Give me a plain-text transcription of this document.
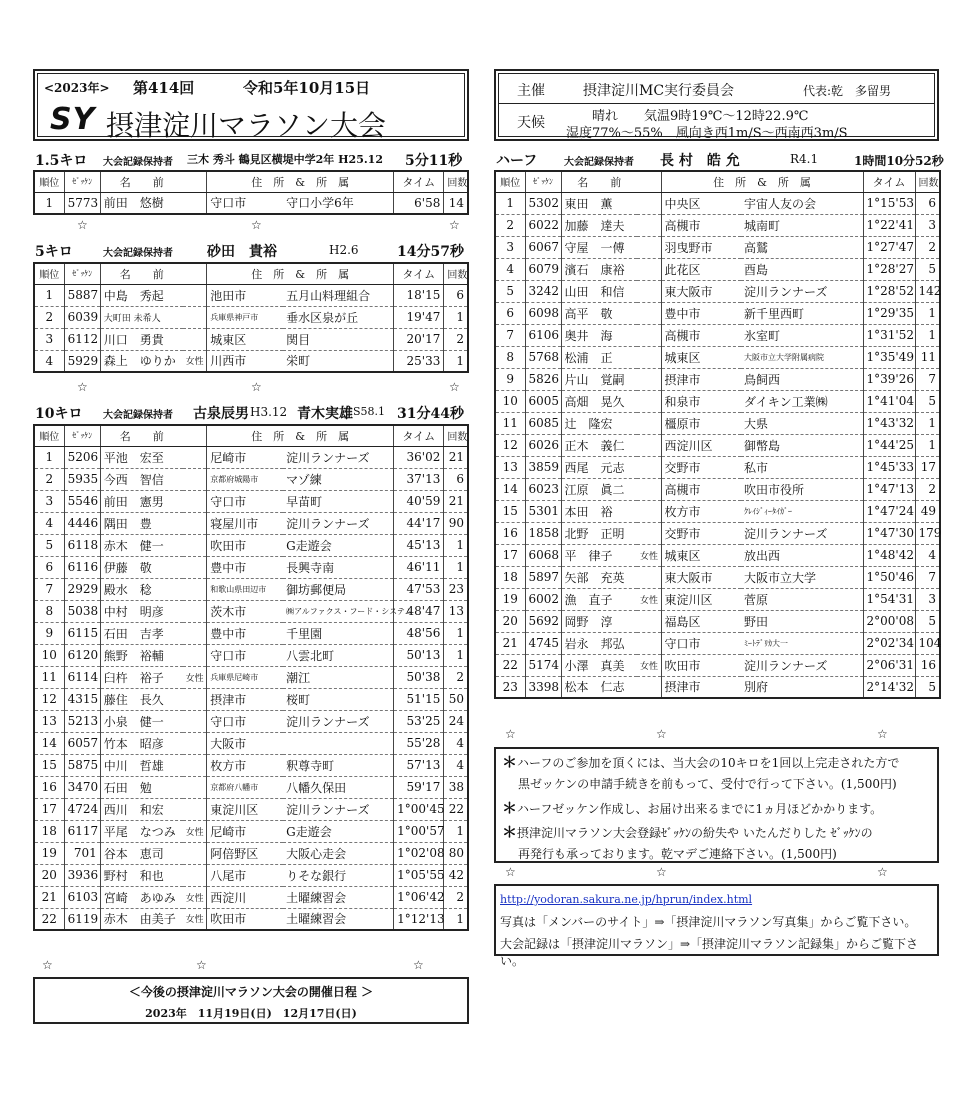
<2023年> 第414回	令和5年10月15日
SY 摂津淀川マラソン大会
主催	摂津淀川MC実行委員会	代表:乾　多留男
天候	晴れ　　気温9時19℃～12時22.9℃
湿度77%～55%　風向き西1m/S～西南西3m/S
1.5キロ 大会記録保持者 三木 秀斗 鶴見区横堤中学2年 H25.12 5分11秒
順位	ｾﾞｯｹﾝ	名　　前		住　所　&　所　属		タイム	回数
1	5773	前田　悠樹		守口市	守口小学6年	6'58	14
☆	☆	☆
5キロ	大会記録保持者 砂田　貴裕	H2.6	14分57秒
順位	ｾﾞｯｹﾝ	名　　前		住　所　&　所　属		タイム	回数
1	5887	中島　秀起		池田市	五月山料理組合	18'15	6
2	6039	大町田 未希人		兵庫県神戸市	垂水区泉が丘	19'47	1
3	6112	川口　勇貴		城東区	関目	20'17	2
4	5929	森上　ゆりか	女性	川西市	栄町	25'33	1
☆	☆	☆
10キロ 大会記録保持者 古泉辰男 H3.12 青木実雄 S58.1 31分44秒
順位	ｾﾞｯｹﾝ	名　　前		住　所　&　所　属		タイム	回数
1	5206	平池　宏至		尼崎市	淀川ランナーズ	36'02	21
2	5935	今西　智信		京都府城陽市	マゾ練	37'13	6
3	5546	前田　憲男		守口市	早苗町	40'59	21
4	4446	隅田　豊		寝屋川市	淀川ランナーズ	44'17	90
5	6118	赤木　健一		吹田市	G走遊会	45'13	1
6	6116	伊藤　敬		豊中市	長興寺南	46'11	1
7	2929	殿水　稔		和歌山県田辺市	御坊郵便局	47'53	23
8	5038	中村　明彦		茨木市	㈱アルファクス・フード・システム	48'47	13
9	6115	石田　吉孝		豊中市	千里園	48'56	1
10	6120	熊野　裕輔		守口市	八雲北町	50'13	1
11	6114	臼杵　裕子	女性	兵庫県尼崎市	潮江	50'38	2
12	4315	藤住　長久		摂津市	桜町	51'15	50
13	5213	小泉　健一		守口市	淀川ランナーズ	53'25	24
14	6057	竹本　昭彦		大阪市		55'28	4
15	5875	中川　哲雄		枚方市	釈尊寺町	57'13	4
16	3470	石田　勉		京都府八幡市	八幡久保田	59'17	38
17	4724	西川　和宏		東淀川区	淀川ランナーズ	1°00'45	22
18	6117	平尾　なつみ	女性	尼崎市	G走遊会	1°00'57	1
19	701	谷本　恵司		阿倍野区	大阪心走会	1°02'08	80
20	3936	野村　和也		八尾市	りそな銀行	1°05'55	42
21	6103	宮崎　あゆみ	女性	西淀川	土曜練習会	1°06'42	2
22	6119	赤木　由美子	女性	吹田市	土曜練習会	1°12'13	1
☆	☆	☆
＜今後の摂津淀川マラソン大会の開催日程 ＞
2023年　11月19日(日)　12月17日(日)
ハーフ	大会記録保持者 長 村　皓 允	R4.1	1時間10分52秒
順位	ｾﾞｯｹﾝ	名　　前		住　所　&　所　属		タイム	回数
1	5302	東田　薫		中央区	宇宙人友の会	1°15'53	6
2	6022	加藤　達夫		高槻市	城南町	1°22'41	3
3	6067	守屋　一傅		羽曳野市	高鷲	1°27'47	2
4	6079	濱石　康裕		此花区	酉島	1°28'27	5
5	3242	山田　和信		東大阪市	淀川ランナーズ	1°28'52	142
6	6098	高平　敬		豊中市	新千里西町	1°29'35	1
7	6106	奥井　海		高槻市	氷室町	1°31'52	1
8	5768	松浦　正		城東区	大阪市立大学附属病院	1°35'49	11
9	5826	片山　覚嗣		摂津市	鳥飼西	1°39'26	7
10	6005	高畑　晃久		和泉市	ダイキン工業㈱	1°41'04	5
11	6085	辻　隆宏		橿原市	大県	1°43'32	1
12	6026	正木　義仁		西淀川区	御幣島	1°44'25	1
13	3859	西尾　元志		交野市	私市	1°45'33	17
14	6023	江原　眞二		高槻市	吹田市役所	1°47'13	2
15	5301	本田　裕		枚方市	ｸﾚｲｼﾞｨｰﾀｲｶﾞｰ	1°47'24	49
16	1858	北野　正明		交野市	淀川ランナーズ	1°47'30	179
17	6068	平　律子	女性	城東区	放出西	1°48'42	4
18	5897	矢部　充英		東大阪市	大阪市立大学	1°50'46	7
19	6002	漁　直子	女性	東淀川区	菅原	1°54'31	3
20	5692	岡野　淳		福島区	野田	2°00'08	5
21	4745	岩永　邦弘		守口市	ﾐｰﾄﾃﾞﾘｶ大一	2°02'34	104
22	5174	小澤　真美	女性	吹田市	淀川ランナーズ	2°06'31	16
23	3398	松本　仁志		摂津市	別府	2°14'32	5
☆	☆	☆
＊ハーフのご参加を頂くには、当大会の10キロを1回以上完走された方で
黒ゼッケンの申請手続きを前もって、受付で行って下さい。(1,500円)
＊ハーフゼッケン作成し、お届け出来るまでに1ヵ月ほどかかります。
＊摂津淀川マラソン大会登録ｾﾞｯｹﾝの紛失や いたんだりした ｾﾞｯｹﾝの
再発行も承っております。乾マデご連絡下さい。(1,500円)
☆	☆	☆
http://yodoran.sakura.ne.jp/hprun/index.html
写真は「メンバーのサイト」⇒「摂津淀川マラソン写真集」からご覧下さい。
大会記録は「摂津淀川マラソン」⇒「摂津淀川マラソン記録集」からご覧下さい。
